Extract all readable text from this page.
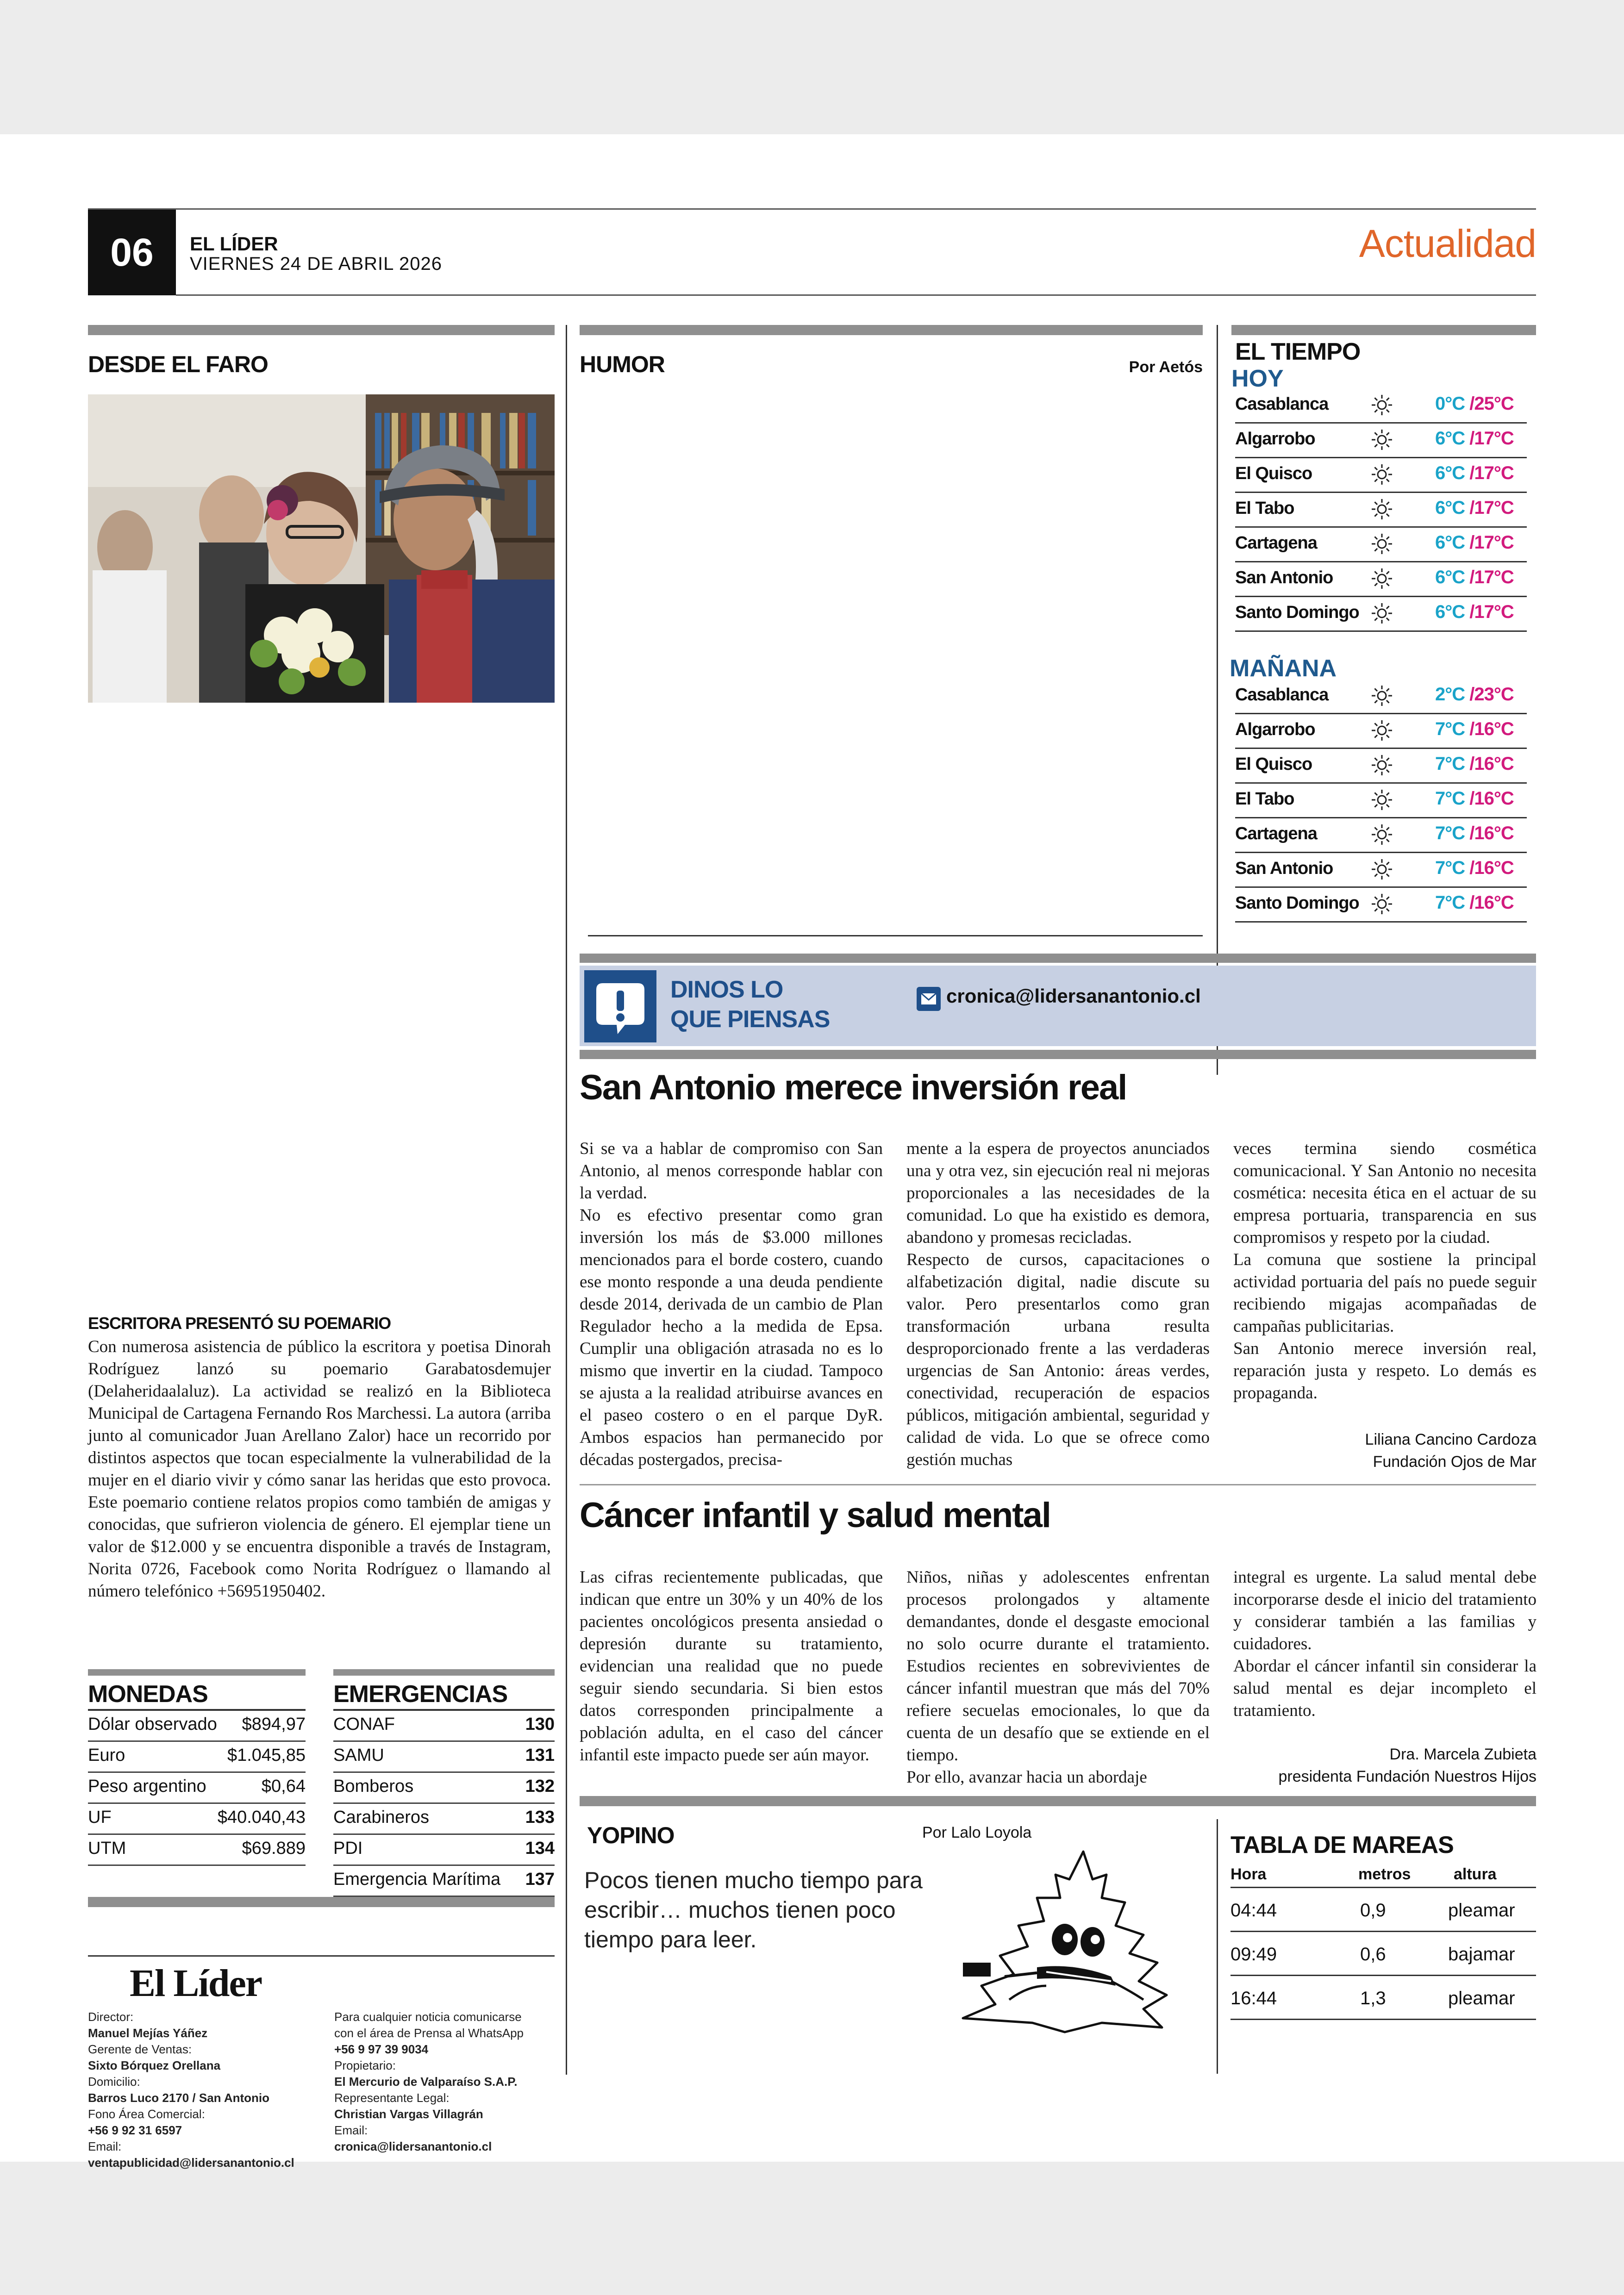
06 EL LÍDER
VIERNES 24 DE ABRIL 2026	Actualidad
DESDE EL FARO
ESCRITORA PRESENTÓ SU POEMARIO
Con numerosa asistencia de público la escritora y poetisa Dinorah Rodríguez lanzó su poemario Garabatosdemujer (Delaheridaalaluz). La actividad se realizó en la Biblioteca Municipal de Cartagena Fernando Ros Marchessi. La autora (arriba junto al comunicador Juan Arellano Zalor) hace un recorrido por distintos aspectos que tocan especialmente la vulnerabilidad de la mujer en el diario vivir y cómo sanar las heridas que esto provoca. Este poemario contiene relatos propios como también de amigas y conocidas, que sufrieron violencia de género. El ejemplar tiene un valor de $12.000 y se encuentra disponible a través de Instagram, Norita 0726, Facebook como Norita Rodríguez o llamando al número telefónico +56951950402.
MONEDAS
Dólar observado $894,97
Euro	$1.045,85
Peso argentino	$0,64
UF	$40.040,43
UTM	$69.889
EMERGENCIAS
CONAF	130
SAMU	131
Bomberos	132
Carabineros	133
PDI	134
Emergencia Marítima 137
El Líder
Director:
Manuel Mejías Yáñez
Gerente de Ventas:
Sixto Bórquez Orellana
Domicilio:
Barros Luco 2170 / San Antonio
Fono Área Comercial:
+56 9 92 31 6597
Email:
ventapublicidad@lidersanantonio.cl
Para cualquier noticia comunicarse
con el área de Prensa al WhatsApp
+56 9 97 39 9034
Propietario:
El Mercurio de Valparaíso S.A.P.
Representante Legal:
Christian Vargas Villagrán
Email:
cronica@lidersanantonio.cl
HUMOR	Por Aetós
EL TIEMPO
HOY
Casablanca	0°C /25°C
Algarrobo	6°C /17°C
El Quisco	6°C /17°C
El Tabo	6°C /17°C
Cartagena	6°C /17°C
San Antonio	6°C /17°C
Santo Domingo	6°C /17°C
MAÑANA
Casablanca	2°C /23°C
Algarrobo	7°C /16°C
El Quisco	7°C /16°C
El Tabo	7°C /16°C
Cartagena	7°C /16°C
San Antonio	7°C /16°C
Santo Domingo	7°C /16°C
DINOS LO
QUE PIENSAS
cronica@lidersanantonio.cl
San Antonio merece inversión real

Si se va a hablar de compromiso con San Antonio, al menos corresponde hablar con la verdad.

No es efectivo presentar como gran inversión los más de $3.000 millones mencionados para el borde costero, cuando ese monto responde a una deuda pendiente desde 2014, derivada de un cambio de Plan Regulador hecho a la medida de Epsa. Cumplir una obligación atrasada no es lo mismo que invertir en la ciudad. Tampoco se ajusta a la realidad atribuirse avances en el paseo costero o en el parque DyR. Ambos espacios han permanecido por décadas postergados, precisa-

mente a la espera de proyectos anunciados una y otra vez, sin ejecución real ni mejoras proporcionales a las necesidades de la comunidad. Lo que ha existido es demora, abandono y promesas recicladas.

Respecto de cursos, capacitaciones o alfabetización digital, nadie discute su valor. Pero presentarlos como gran transformación urbana resulta desproporcionado frente a las verdaderas urgencias de San Antonio: áreas verdes, conectividad, recuperación de espacios públicos, mitigación ambiental, seguridad y calidad de vida. Lo que se ofrece como gestión muchas

veces termina siendo cosmética comunicacional. Y San Antonio no necesita cosmética: necesita ética en el actuar de su empresa portuaria, transparencia en sus compromisos y respeto por la ciudad.

La comuna que sostiene la principal actividad portuaria del país no puede seguir recibiendo migajas acompañadas de campañas publicitarias.

San Antonio merece inversión real, reparación justa y respeto. Lo demás es propaganda.

Liliana Cancino Cardoza
Fundación Ojos de Mar
Cáncer infantil y salud mental
Las cifras recientemente publicadas, que indican que entre un 30% y un 40% de los pacientes oncológicos presenta ansiedad o depresión durante su tratamiento, evidencian una realidad que no puede seguir siendo secundaria. Si bien estos datos corresponden principalmente a población adulta, en el caso del cáncer infantil este impacto puede ser aún mayor.

Niños, niñas y adolescentes enfrentan procesos prolongados y altamente demandantes, donde el desgaste emocional no solo ocurre durante el tratamiento. Estudios recientes en sobrevivientes de cáncer infantil muestran que más del 70% refiere secuelas emocionales, lo que da cuenta de un desafío que se extiende en el tiempo.

Por ello, avanzar hacia un abordaje

integral es urgente. La salud mental debe incorporarse desde el inicio del tratamiento y considerar también a las familias y cuidadores.

Abordar el cáncer infantil sin considerar la salud mental es dejar incompleto el tratamiento.

Dra. Marcela Zubieta
presidenta Fundación Nuestros Hijos
YOPINO	Por Lalo Loyola
Pocos tienen mucho tiempo para escribir… muchos tienen poco tiempo para leer.
TABLA DE MAREAS
Hora	metros	altura
04:44	0,9	pleamar
09:49	0,6	bajamar
16:44	1,3	pleamar
